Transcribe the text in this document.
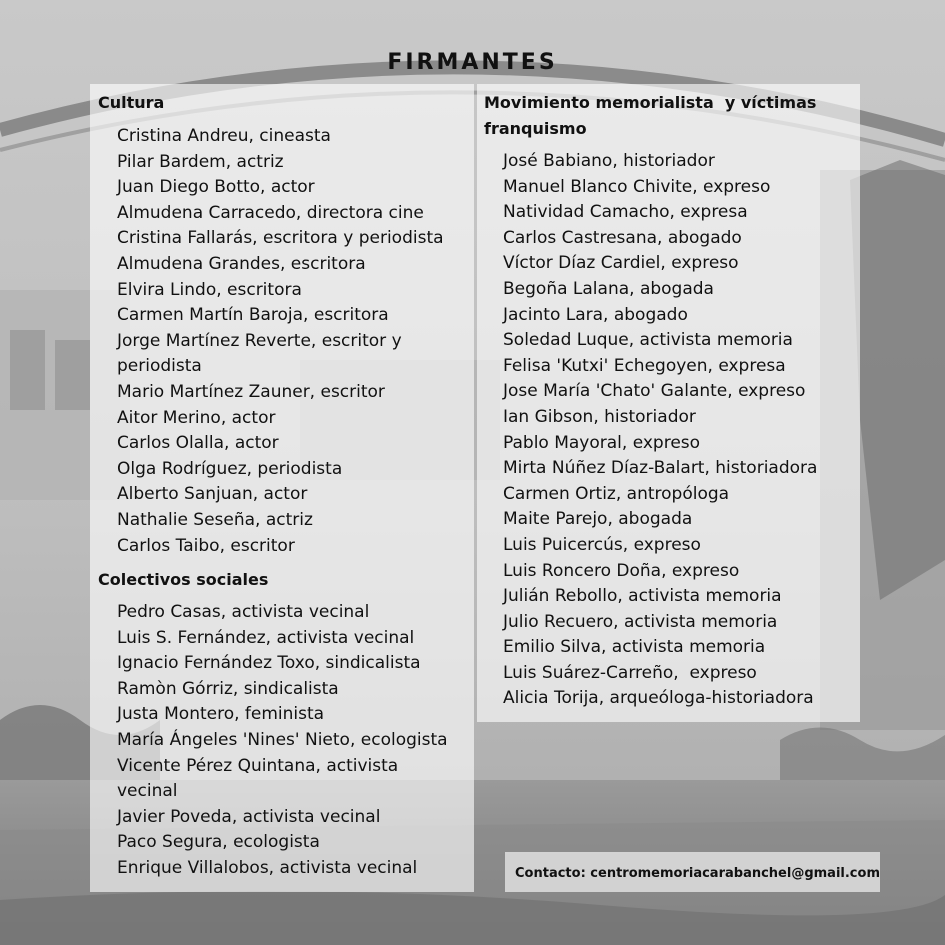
FIRMANTES
Cultura
Cristina Andreu, cineasta
Pilar Bardem, actriz
Juan Diego Botto, actor
Almudena Carracedo, directora cine
Cristina Fallarás, escritora y periodista
Almudena Grandes, escritora
Elvira Lindo, escritora
Carmen Martín Baroja, escritora
Jorge Martínez Reverte, escritor y
periodista
Mario Martínez Zauner, escritor
Aitor Merino, actor
Carlos Olalla, actor
Olga Rodríguez, periodista
Alberto Sanjuan, actor
Nathalie Seseña, actriz
Carlos Taibo, escritor
Colectivos sociales
Pedro Casas, activista vecinal
Luis S. Fernández, activista vecinal
Ignacio Fernández Toxo, sindicalista
Ramòn Górriz, sindicalista
Justa Montero, feminista
María Ángeles 'Nines' Nieto, ecologista
Vicente Pérez Quintana, activista
vecinal
Javier Poveda, activista vecinal
Paco Segura, ecologista
Enrique Villalobos, activista vecinal
Movimiento memorialista  y víctimas
franquismo
José Babiano, historiador
Manuel Blanco Chivite, expreso
Natividad Camacho, expresa
Carlos Castresana, abogado
Víctor Díaz Cardiel, expreso
Begoña Lalana, abogada
Jacinto Lara, abogado
Soledad Luque, activista memoria
Felisa 'Kutxi' Echegoyen, expresa
Jose María 'Chato' Galante, expreso
Ian Gibson, historiador
Pablo Mayoral, expreso
Mirta Núñez Díaz-Balart, historiadora
Carmen Ortiz, antropóloga
Maite Parejo, abogada
Luis Puicercús, expreso
Luis Roncero Doña, expreso
Julián Rebollo, activista memoria
Julio Recuero, activista memoria
Emilio Silva, activista memoria
Luis Suárez-Carreño,  expreso
Alicia Torija, arqueóloga-historiadora
Contacto: centromemoriacarabanchel@gmail.com
